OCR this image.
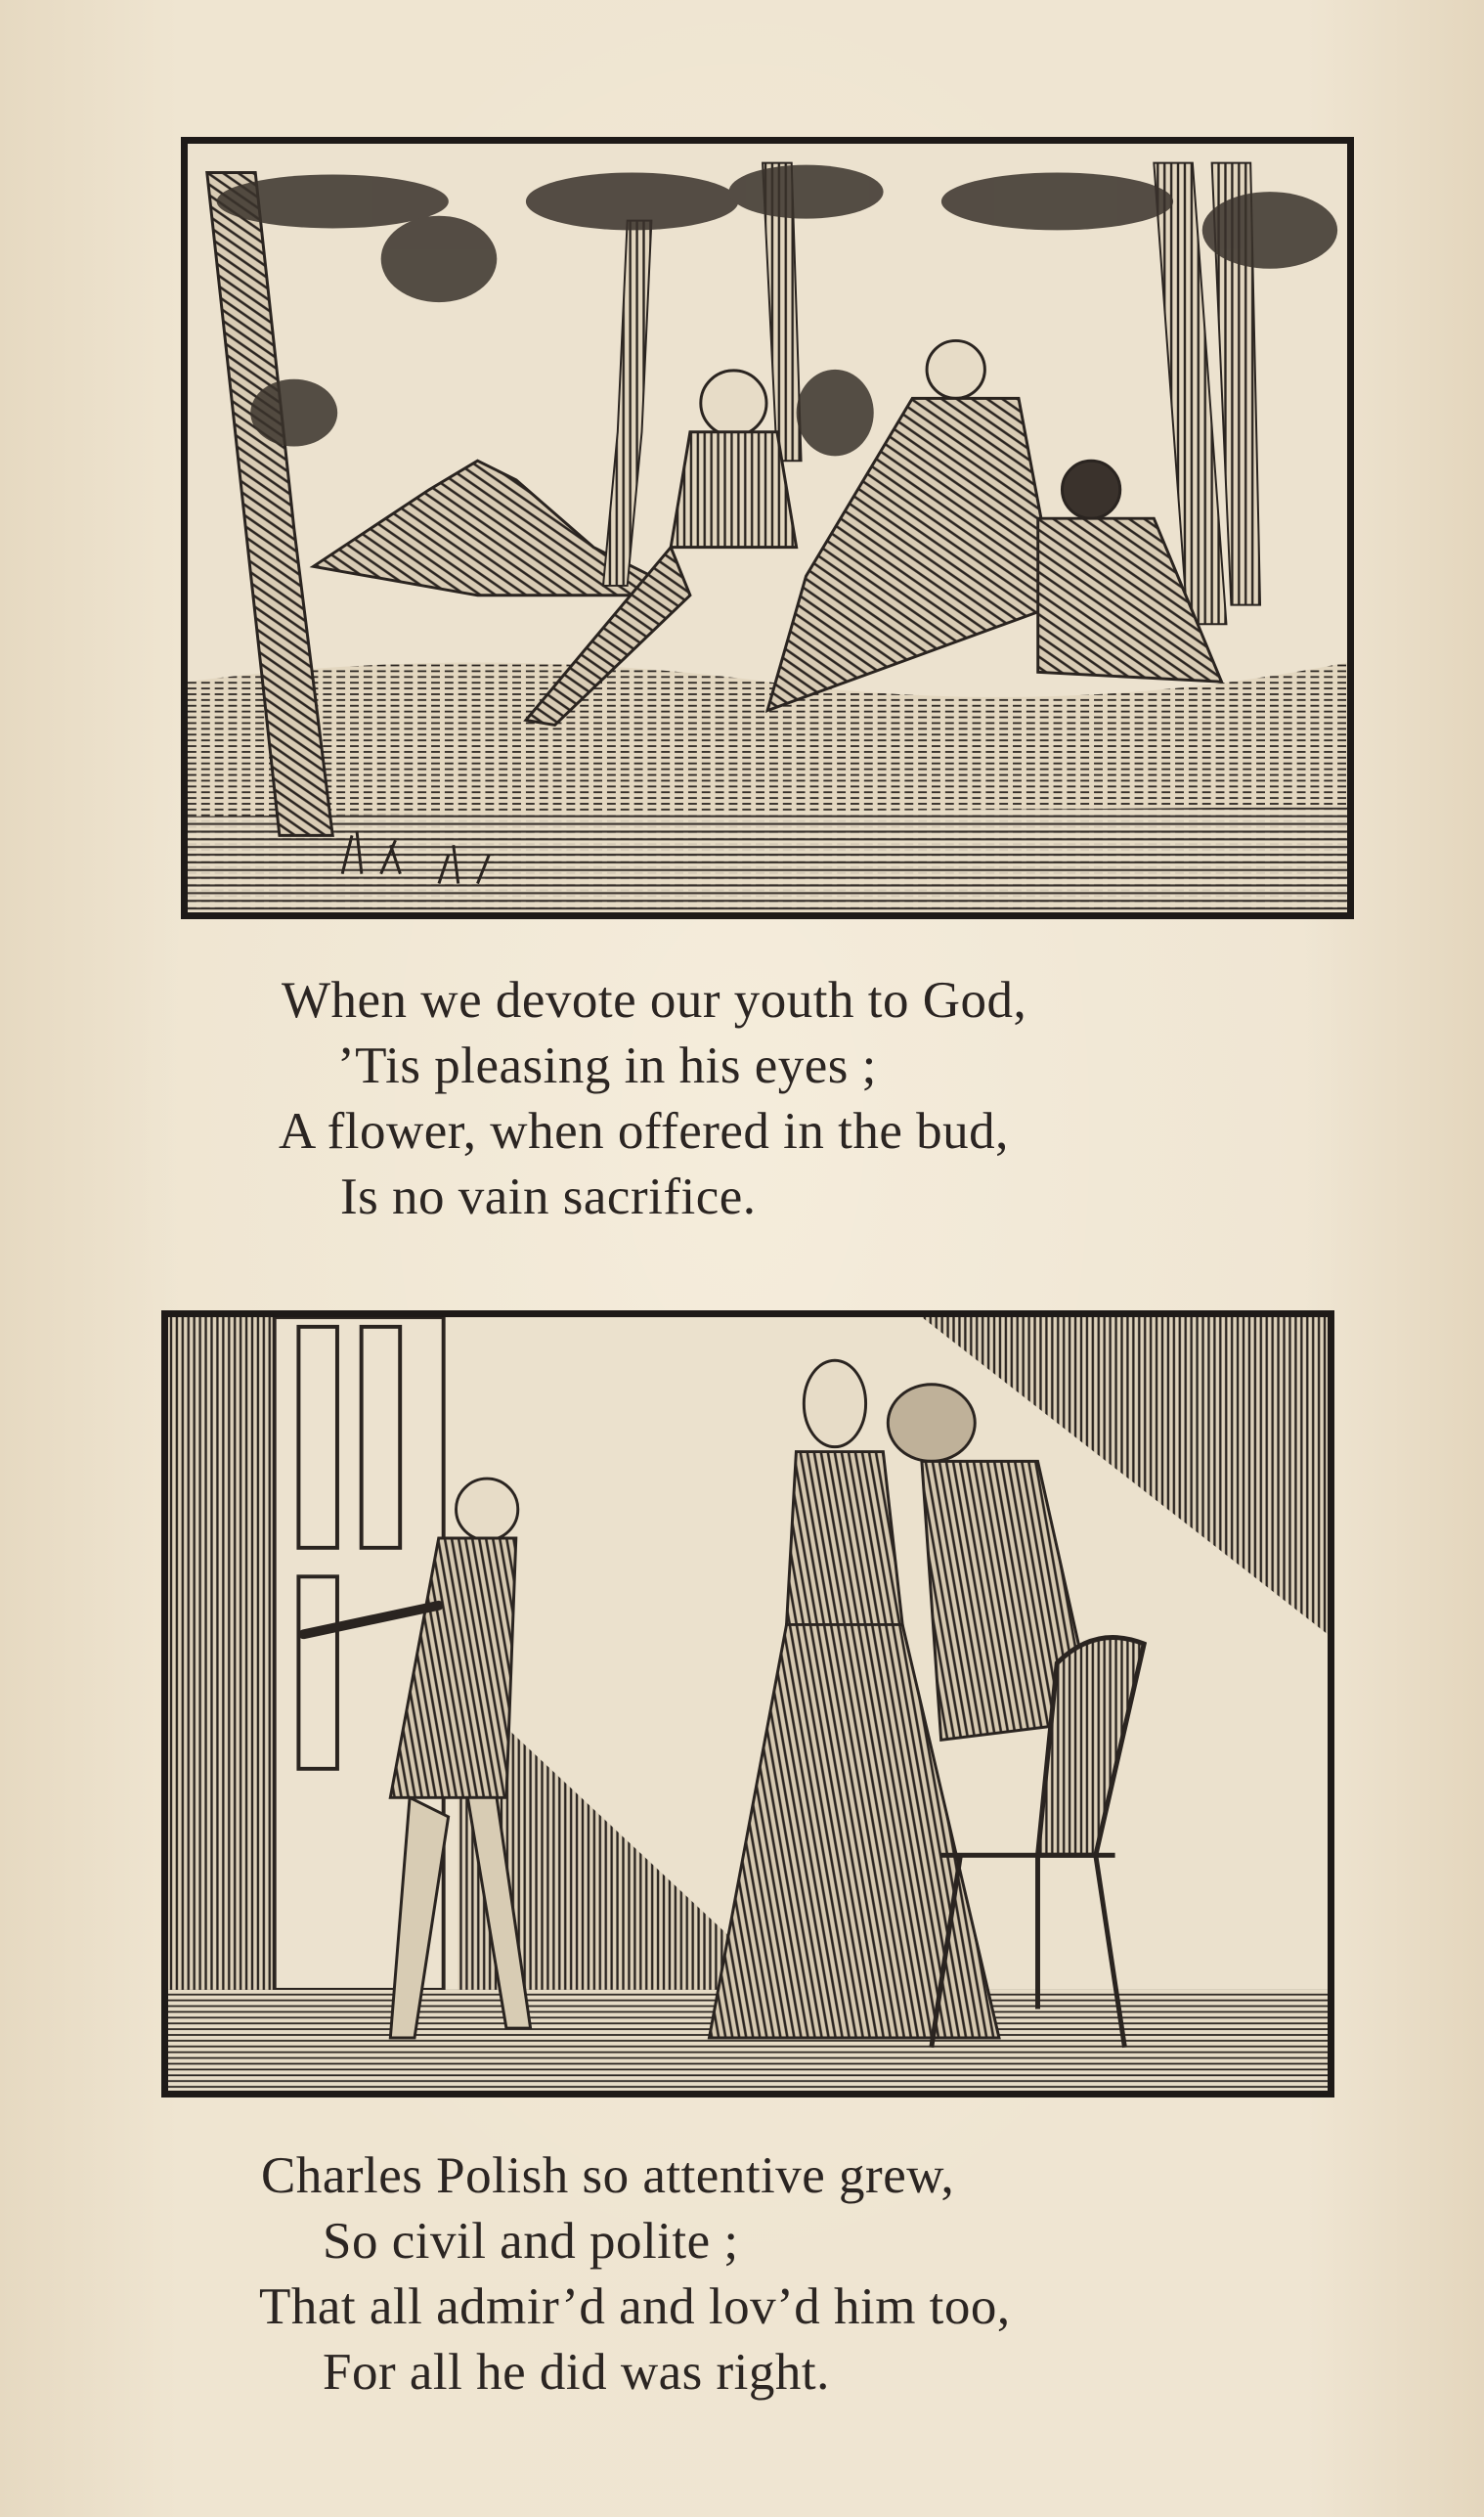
When we devote our youth to God,
’Tis pleasing in his eyes ;
A flower, when offered in the bud,
Is no vain sacrifice.
Charles Polish so attentive grew,
So civil and polite ;
That all admir’d and lov’d him too,
For all he did was right.
